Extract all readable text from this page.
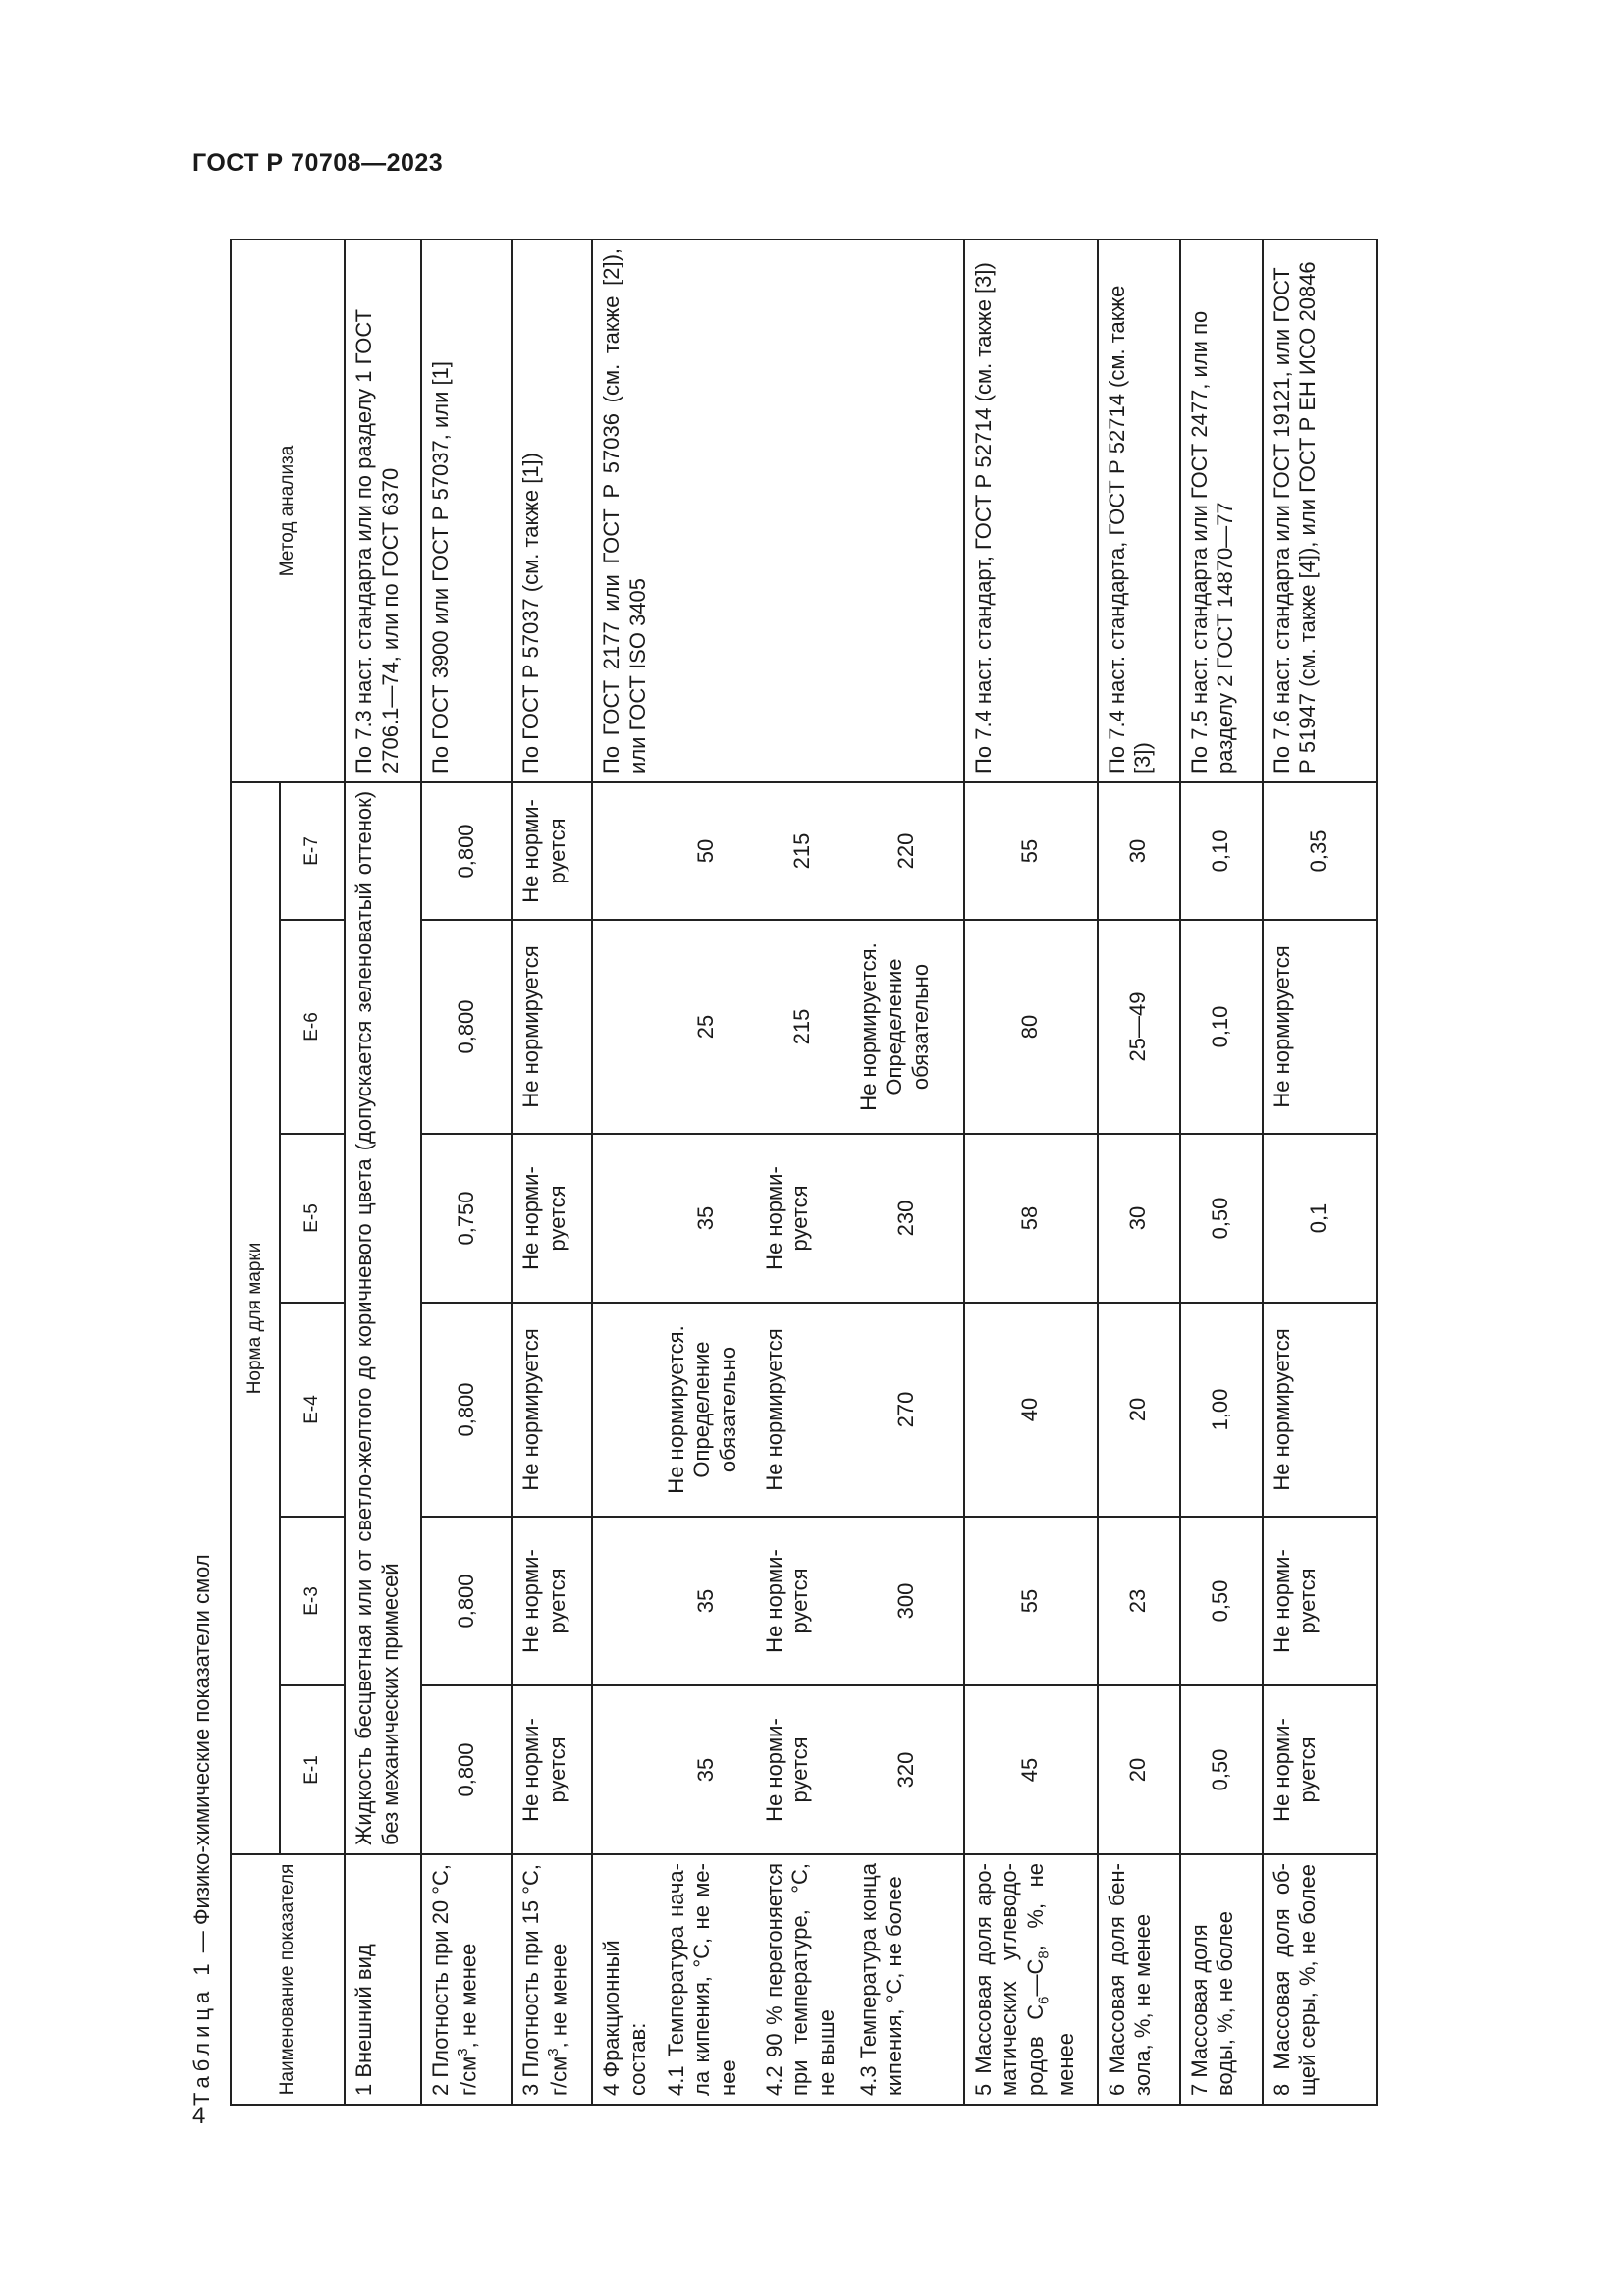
ГОСТ Р 70708—2023
4
Таблица 1 — Физико-химические показатели смол
Наименование показателя	Норма для марки						Метод анализа
	Е-1	Е-3	Е-4	Е-5	Е-6	Е-7	
1 Внешний вид	Жидкость бесцветная или от светло-желтого до коричневого цвета (допускается зеленоватый оттенок) без механических примесей						По 7.3 наст. стандарта или по разделу 1 ГОСТ 2706.1—74, или по ГОСТ 6370
2 Плотность при 20 °С, $г/см^3$, не менее	0,800	0,800	0,800	0,750	0,800	0,800	По ГОСТ 3900 или ГОСТ Р 57037, или [1]
3 Плотность при 15 °С, $г/см^3$, не менее	Не нормируется	Не нормируется	Не нормируется	Не нормируется	Не нормируется	Не нормируется	По ГОСТ Р 57037 (см. также [1])
4 Фракционный состав:							По ГОСТ 2177 или ГОСТ Р 57036 (см. также [2]), или ГОСТ ISO 3405
4.1 Температура начала кипения, °С, не менее	35	35	Не нормируется. Определение обязательно	35	25	50	
4.2 90 % перегоняется при температуре, °С, не выше	Не нормируется	Не нормируется	Не нормируется	Не нормируется	215	215	
4.3 Температура конца кипения, °С, не более	320	300	270	230	Не нормируется. Определение обязательно	220	
5 Массовая доля ароматических углеводородов $С_6—С_8$, %, не менее	45	55	40	58	80	55	По 7.4 наст. стандарт, ГОСТ Р 52714 (см. также [3])
6 Массовая доля бензола, %, не менее	20	23	20	30	25—49	30	По 7.4 наст. стандарта, ГОСТ Р 52714 (см. также [3])
7 Массовая доля воды, %, не более	0,50	0,50	1,00	0,50	0,10	0,10	По 7.5 наст. стандарта или ГОСТ 2477, или по разделу 2 ГОСТ 14870—77
8 Массовая доля общей серы, %, не более	Не нормируется	Не нормируется	Не нормируется	0,1	Не нормируется	0,35	По 7.6 наст. стандарта или ГОСТ 19121, или ГОСТ Р 51947 (см. также [4]), или ГОСТ Р ЕН ИСО 20846
